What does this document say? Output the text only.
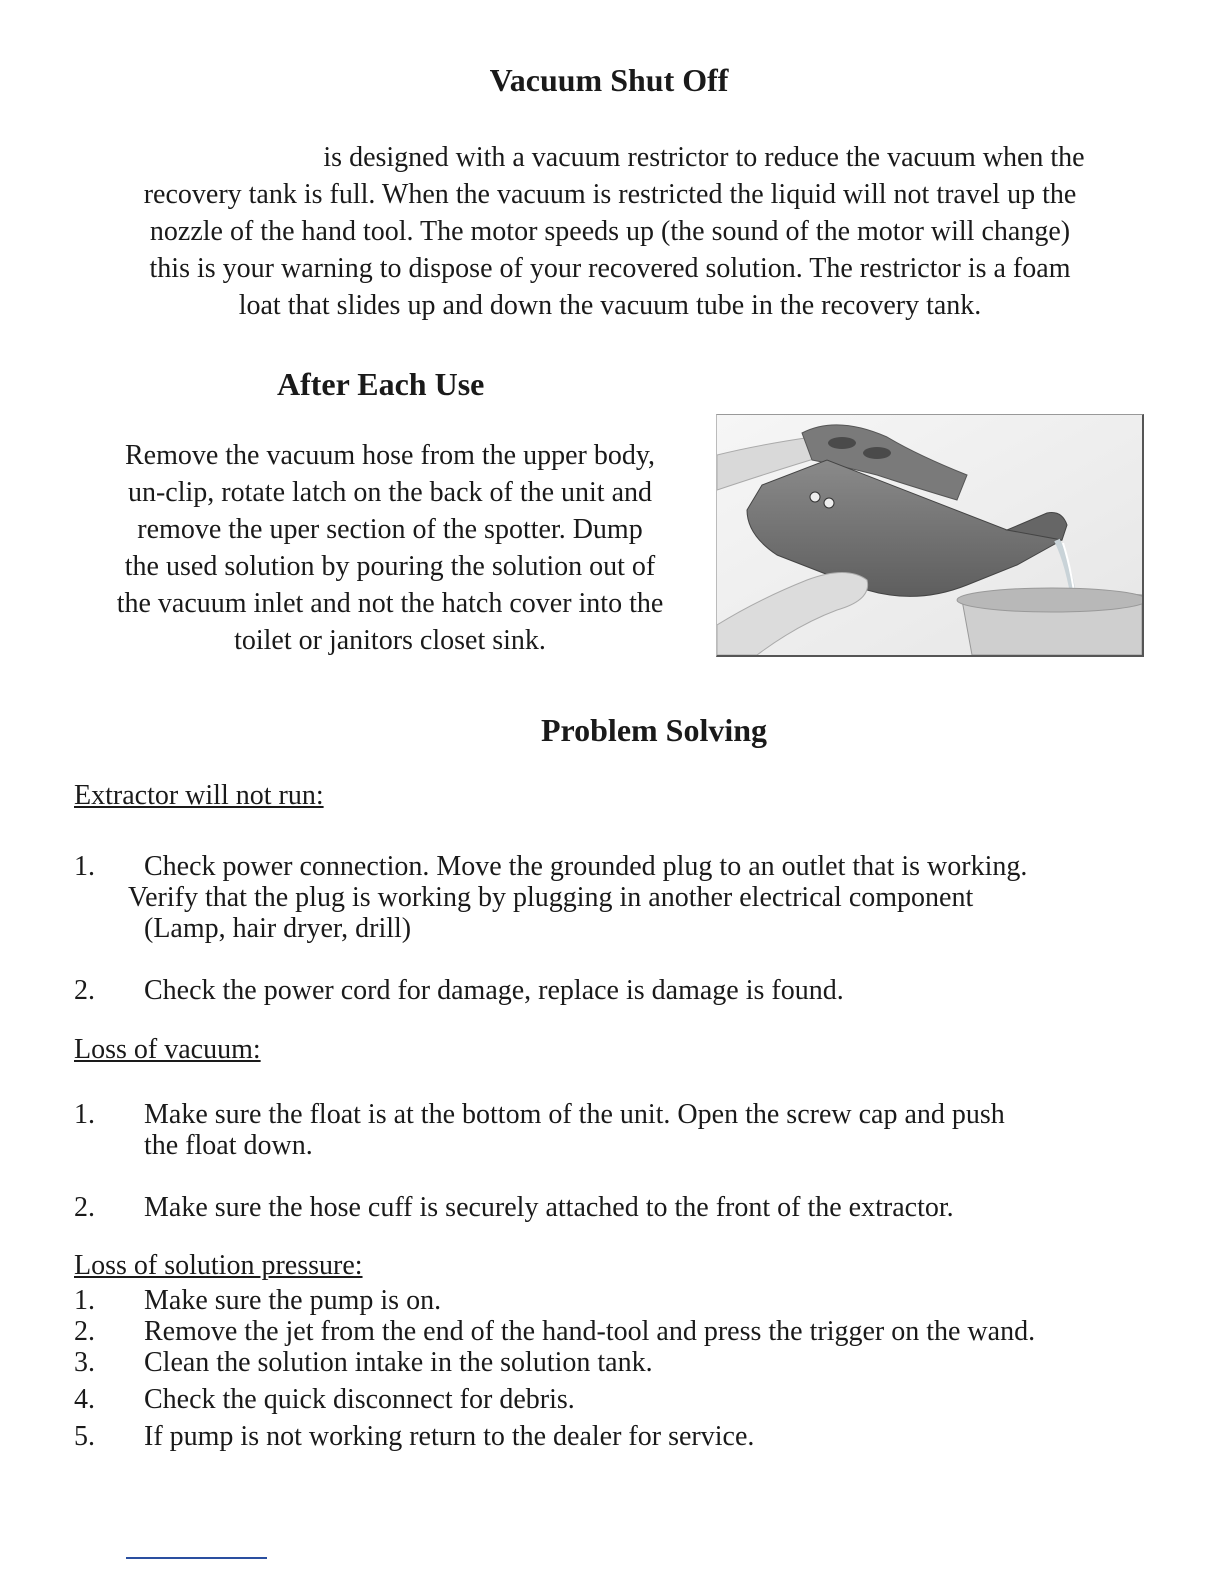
Vacuum Shut Off

is designed with a vacuum restrictor to reduce the vacuum when the
recovery tank is full. When the vacuum is restricted the liquid will not travel up the
nozzle of the hand tool. The motor speeds up (the sound of the motor will change)
this is your warning to dispose of your recovered solution. The restrictor is a foam
loat that slides up and down the vacuum tube in the recovery tank.

After Each Use

Remove the vacuum hose from the upper body,
un-clip, rotate latch on the back of the unit and
remove the uper section of the spotter. Dump
the used solution by pouring the solution out of
the vacuum inlet and not the hatch cover into the
toilet or janitors closet sink.

Problem Solving

Extractor will not run:

1. Check power connection. Move the grounded plug to an outlet that is working.

Verify that the plug is working by plugging in another electrical component

(Lamp, hair dryer, drill)

2. Check the power cord for damage, replace is damage is found.

Loss of vacuum:

1. Make sure the float is at the bottom of the unit. Open the screw cap and push

the float down.

2. Make sure the hose cuff is securely attached to the front of the extractor.

Loss of solution pressure:

1. Make sure the pump is on.

2. Remove the jet from the end of the hand-tool and press the trigger on the wand.

3. Clean the solution intake in the solution tank.

4. Check the quick disconnect for debris.

5. If pump is not working return to the dealer for service.
